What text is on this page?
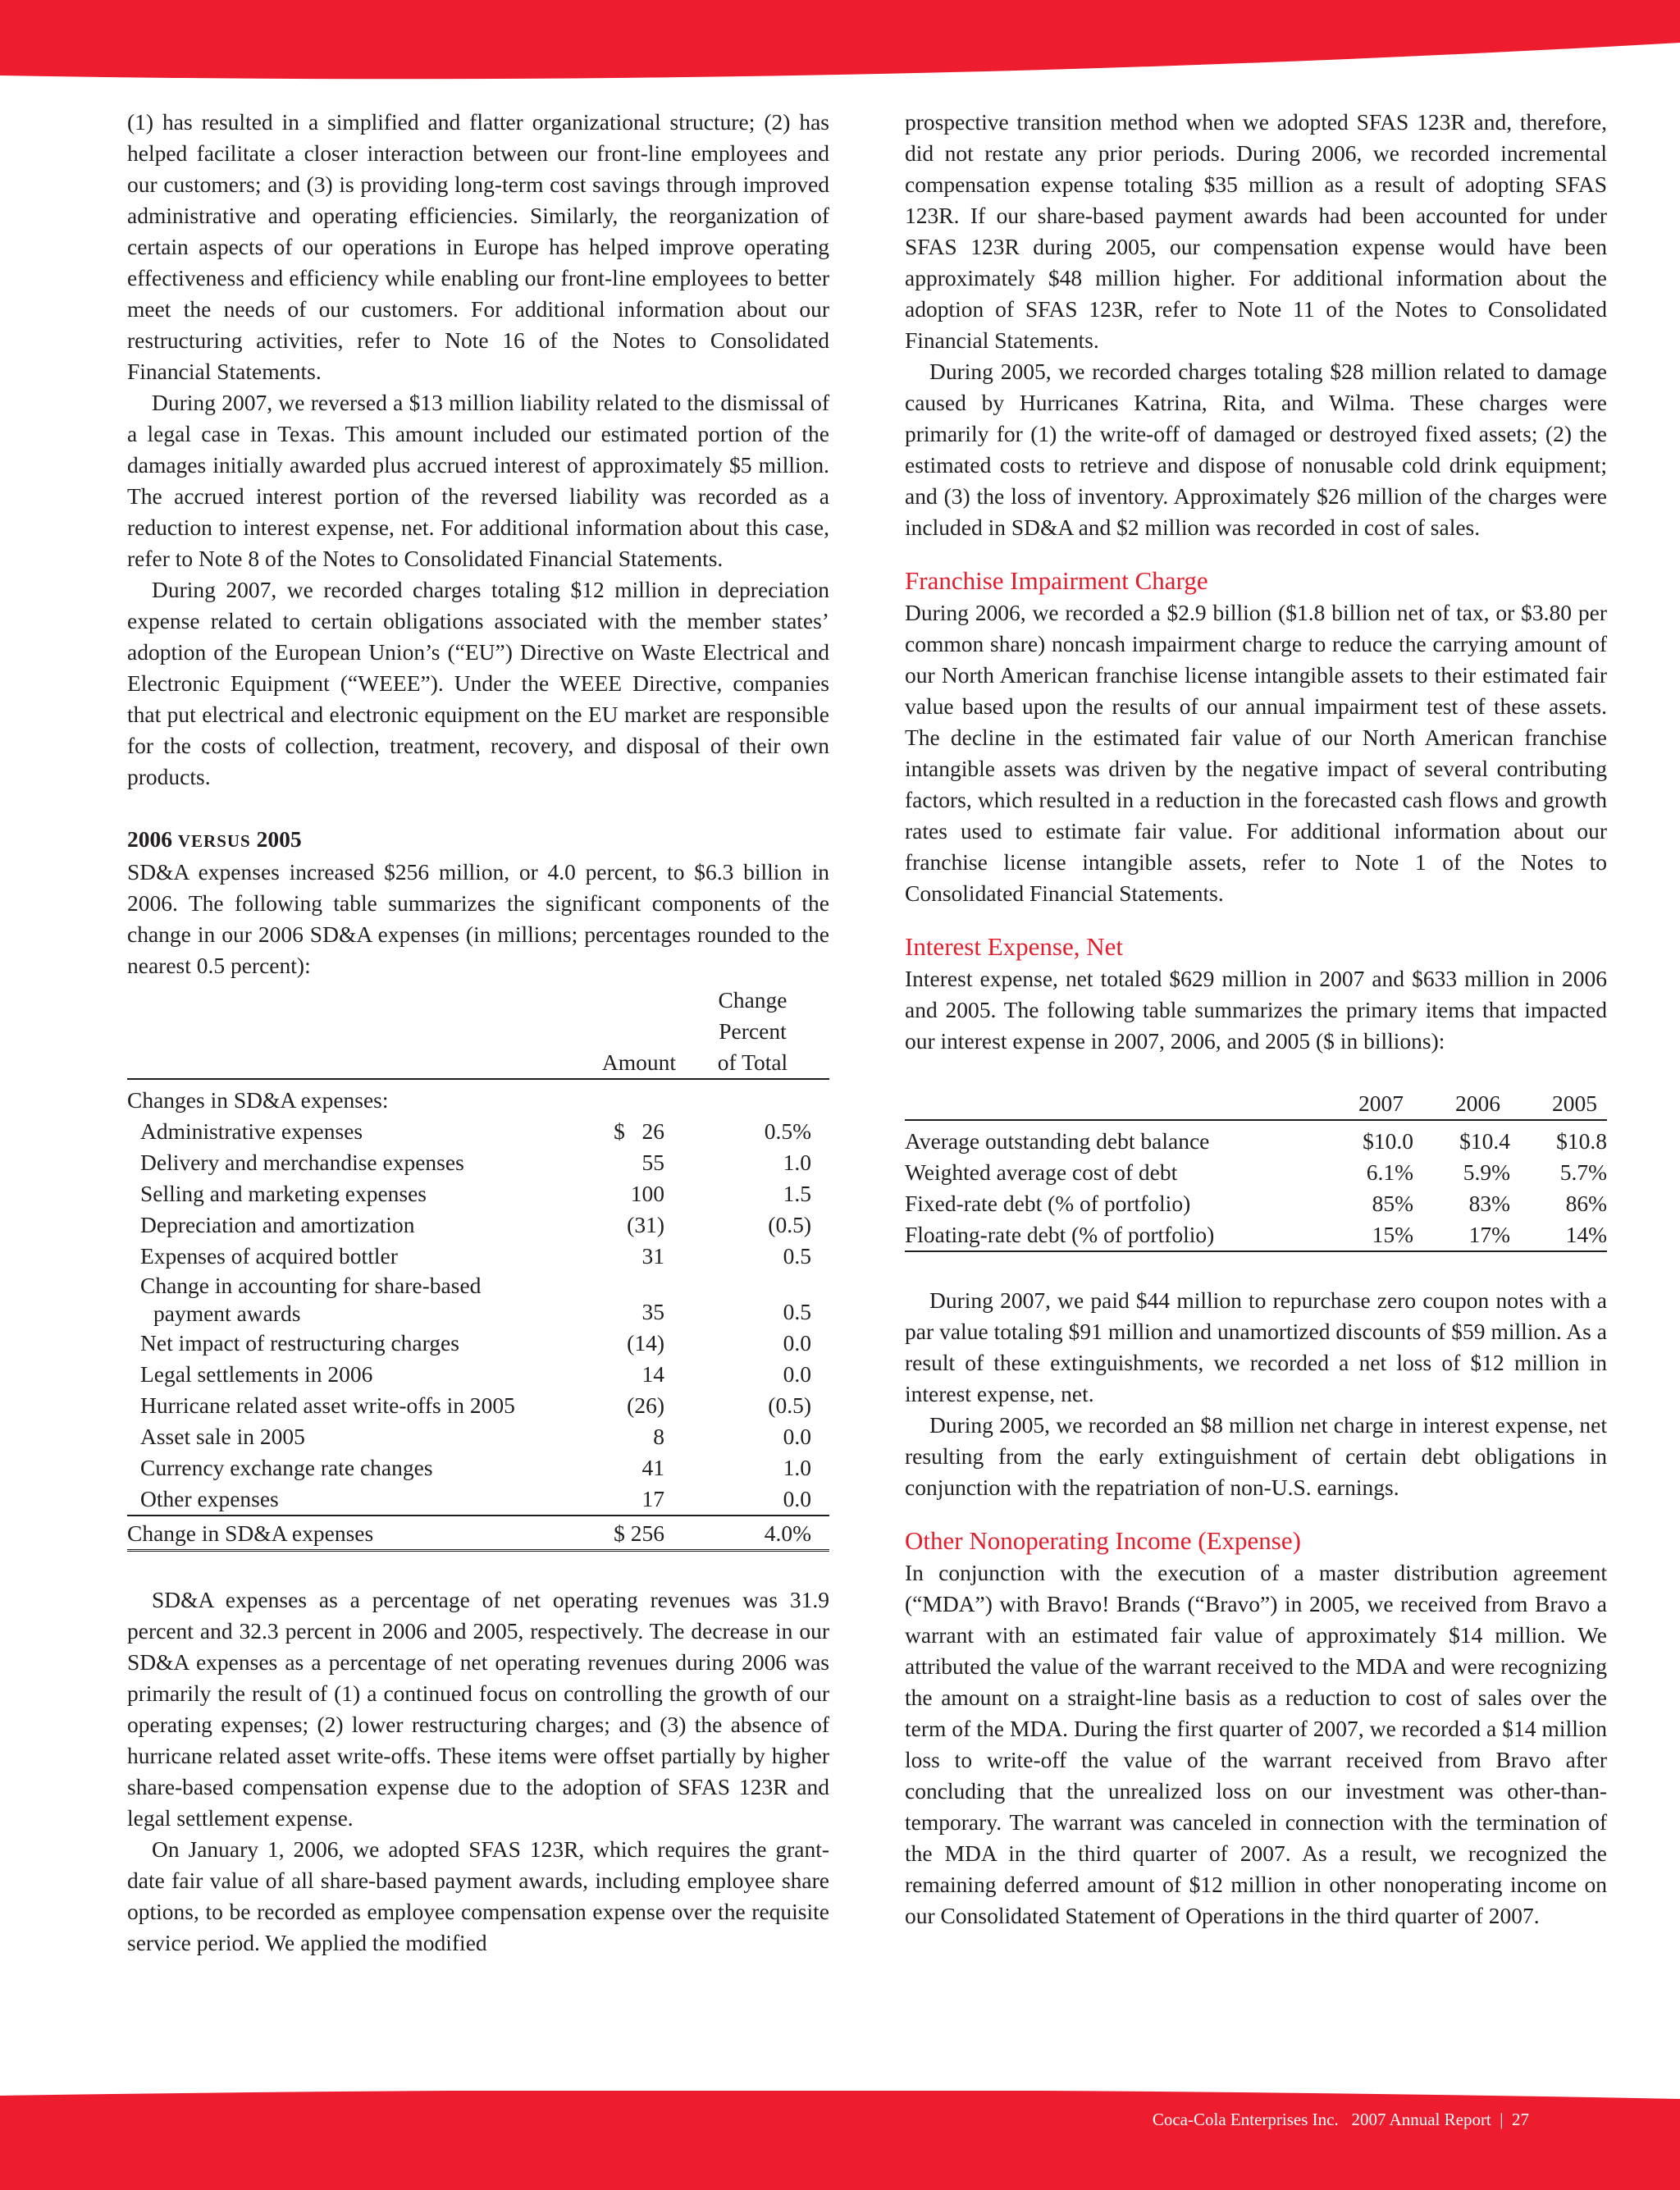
(1) has resulted in a simplified and flatter organizational structure; (2) has helped facilitate a closer interaction between our front-line employees and our customers; and (3) is providing long-term cost savings through improved administrative and operating efficiencies. Similarly, the reorganization of certain aspects of our operations in Europe has helped improve operating effectiveness and efficiency while enabling our front-line employees to better meet the needs of our customers. For additional information about our restructuring activities, refer to Note 16 of the Notes to Consolidated Financial Statements.

During 2007, we reversed a $13 million liability related to the dismissal of a legal case in Texas. This amount included our estimated portion of the damages initially awarded plus accrued interest of approximately $5 million. The accrued interest portion of the reversed liability was recorded as a reduction to interest expense, net. For additional information about this case, refer to Note 8 of the Notes to Consolidated Financial Statements.

During 2007, we recorded charges totaling $12 million in depreciation expense related to certain obligations associated with the member states’ adoption of the European Union’s (“EU”) Directive on Waste Electrical and Electronic Equipment (“WEEE”). Under the WEEE Directive, companies that put electrical and electronic equipment on the EU market are responsible for the costs of collection, treatment, recovery, and disposal of their own products.

2006 VERSUS 2005

SD&A expenses increased $256 million, or 4.0 percent, to $6.3 billion in 2006. The following table summarizes the significant components of the change in our 2006 SD&A expenses (in millions; percentages rounded to the nearest 0.5 percent):

	Amount	Change
Percent
of Total

Changes in SD&A expenses:		
Administrative expenses	$   26	0.5%
Delivery and merchandise expenses	55	1.0
Selling and marketing expenses	100	1.5
Depreciation and amortization	(31)	(0.5)
Expenses of acquired bottler	31	0.5

Change in accounting for share-based
payment awards	35	0.5
Net impact of restructuring charges	(14)	0.0
Legal settlements in 2006	14	0.0
Hurricane related asset write-offs in 2005	(26)	(0.5)
Asset sale in 2005	8	0.0
Currency exchange rate changes	41	1.0
Other expenses	17	0.0
Change in SD&A expenses	$ 256	4.0%

SD&A expenses as a percentage of net operating revenues was 31.9 percent and 32.3 percent in 2006 and 2005, respectively. The decrease in our SD&A expenses as a percentage of net operating revenues during 2006 was primarily the result of (1) a continued focus on controlling the growth of our operating expenses; (2) lower restructuring charges; and (3) the absence of hurricane related asset write-offs. These items were offset partially by higher share-based compensation expense due to the adoption of SFAS 123R and legal settlement expense.

On January 1, 2006, we adopted SFAS 123R, which requires the grant-date fair value of all share-based payment awards, including employee share options, to be recorded as employee compensation expense over the requisite service period. We applied the modified

prospective transition method when we adopted SFAS 123R and, therefore, did not restate any prior periods. During 2006, we recorded incremental compensation expense totaling $35 million as a result of adopting SFAS 123R. If our share-based payment awards had been accounted for under SFAS 123R during 2005, our compensation expense would have been approximately $48 million higher. For additional information about the adoption of SFAS 123R, refer to Note 11 of the Notes to Consolidated Financial Statements.

During 2005, we recorded charges totaling $28 million related to damage caused by Hurricanes Katrina, Rita, and Wilma. These charges were primarily for (1) the write-off of damaged or destroyed fixed assets; (2) the estimated costs to retrieve and dispose of nonusable cold drink equipment; and (3) the loss of inventory. Approximately $26 million of the charges were included in SD&A and $2 million was recorded in cost of sales.

Franchise Impairment Charge

During 2006, we recorded a $2.9 billion ($1.8 billion net of tax, or $3.80 per common share) noncash impairment charge to reduce the carrying amount of our North American franchise license intangible assets to their estimated fair value based upon the results of our annual impairment test of these assets. The decline in the estimated fair value of our North American franchise intangible assets was driven by the negative impact of several contributing factors, which resulted in a reduction in the forecasted cash flows and growth rates used to estimate fair value. For additional information about our franchise license intangible assets, refer to Note 1 of the Notes to Consolidated Financial Statements.

Interest Expense, Net

Interest expense, net totaled $629 million in 2007 and $633 million in 2006 and 2005. The following table summarizes the primary items that impacted our interest expense in 2007, 2006, and 2005 ($ in billions):

	2007	2006	2005
Average outstanding debt balance	$10.0	$10.4	$10.8
Weighted average cost of debt	6.1%	5.9%	5.7%
Fixed-rate debt (% of portfolio)	85%	83%	86%
Floating-rate debt (% of portfolio)	15%	17%	14%

During 2007, we paid $44 million to repurchase zero coupon notes with a par value totaling $91 million and unamortized discounts of $59 million. As a result of these extinguishments, we recorded a net loss of $12 million in interest expense, net.

During 2005, we recorded an $8 million net charge in interest expense, net resulting from the early extinguishment of certain debt obligations in conjunction with the repatriation of non-U.S. earnings.

Other Nonoperating Income (Expense)

In conjunction with the execution of a master distribution agreement (“MDA”) with Bravo! Brands (“Bravo”) in 2005, we received from Bravo a warrant with an estimated fair value of approximately $14 million. We attributed the value of the warrant received to the MDA and were recognizing the amount on a straight-line basis as a reduction to cost of sales over the term of the MDA. During the first quarter of 2007, we recorded a $14 million loss to write-off the value of the warrant received from Bravo after concluding that the unrealized loss on our investment was other-than-temporary. The warrant was canceled in connection with the termination of the MDA in the third quarter of 2007. As a result, we recognized the remaining deferred amount of $12 million in other nonoperating income on our Consolidated Statement of Operations in the third quarter of 2007.

Coca-Cola Enterprises Inc. 2007 Annual Report | 27
